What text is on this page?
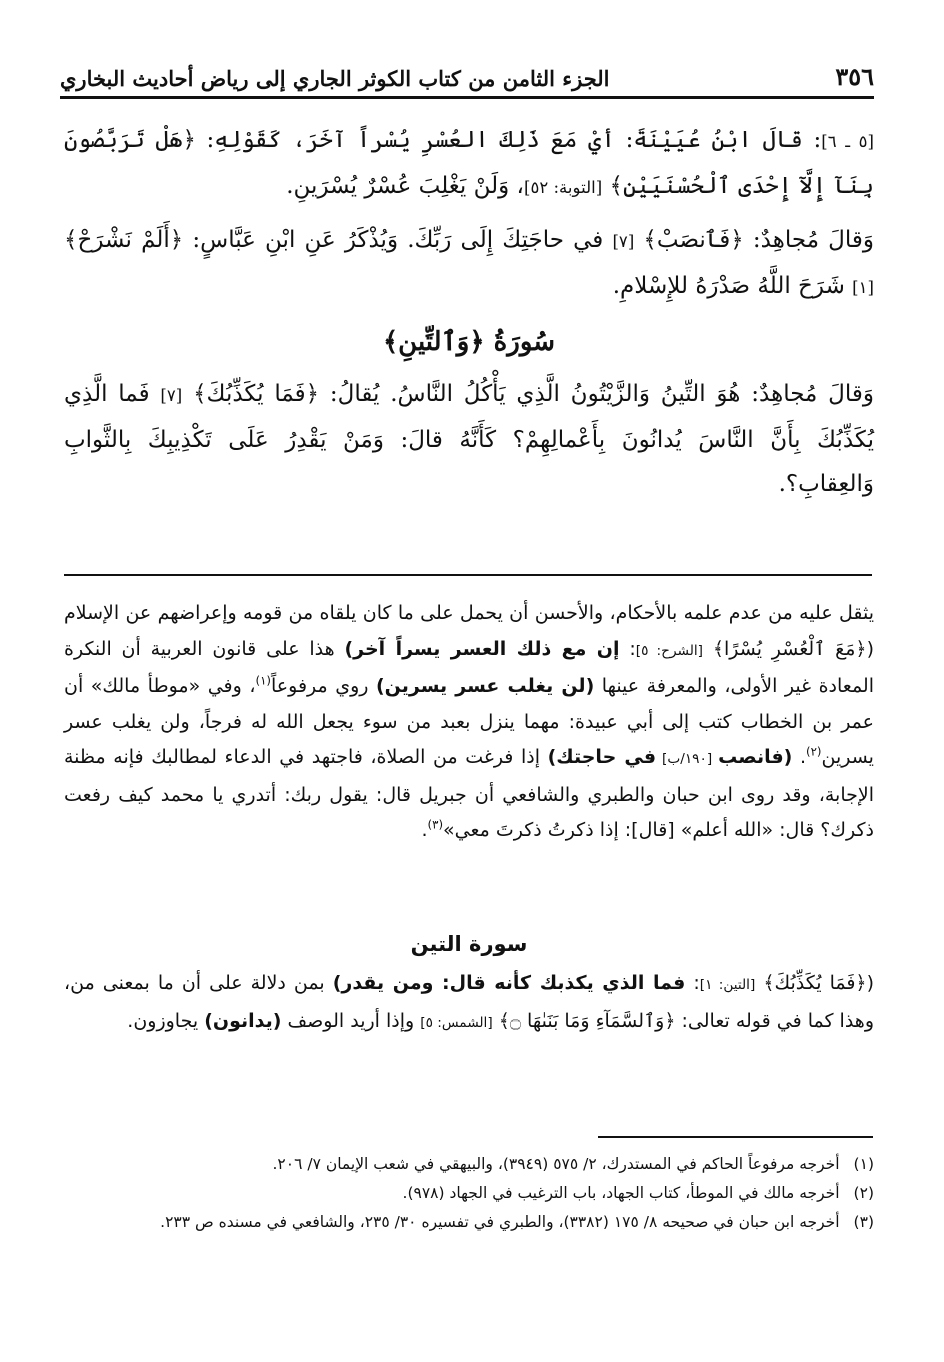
٣٥٦
الجزء الثامن من كتاب الكوثر الجاري إلى رياض أحاديث البخاري

[٥ ـ ٦]: قالَ ابْنُ عُيَيْنَةَ: أيْ مَعَ ذَلِكَ العُسْرِ يُسْراً آخَرَ، كَقَوْلِهِ: ﴿هَلْ تَرَبَّصُونَ بِنَآ إِلَّآ إِحْدَى ٱلْحُسْنَيَيْنِ﴾ [التوبة: ٥٢]، وَلَنْ يَغْلِبَ عُسْرٌ يُسْرَينِ.

وَقالَ مُجاهِدٌ: ﴿فَٱنصَبْ﴾ [٧] في حاجَتِكَ إِلَى رَبِّكَ. وَيُذْكَرُ عَنِ ابْنِ عَبَّاسٍ: ﴿أَلَمْ نَشْرَحْ﴾ [١] شَرَحَ اللَّهُ صَدْرَهُ للإِسْلامِ.

سُورَةُ ﴿وَٱلتِّينِ﴾

وَقالَ مُجاهِدٌ: هُوَ التِّينُ وَالزَّيْتُونُ الَّذِي يَأْكُلُ النَّاسُ. يُقالُ: ﴿فَمَا يُكَذِّبُكَ﴾ [٧] فَما الَّذِي يُكَذِّبُكَ بِأَنَّ النَّاسَ يُدانُونَ بِأَعْمالِهِمْ؟ كَأَنَّهُ قالَ: وَمَنْ يَقْدِرُ عَلَى تَكْذِيبِكَ بِالثَّوابِ وَالعِقابِ؟.

يثقل عليه من عدم علمه بالأحكام، والأحسن أن يحمل على ما كان يلقاه من قومه وإعراضهم عن الإسلام (﴿مَعَ ٱلْعُسْرِ يُسْرًا﴾ [الشرح: ٥]: إن مع ذلك العسر يسراً آخر) هذا على قانون العربية أن النكرة المعادة غير الأولى، والمعرفة عينها (لن يغلب عسر يسرين) روي مرفوعاً$^{(١)}$، وفي «موطأ مالك» أن عمر بن الخطاب كتب إلى أبي عبيدة: مهما ينزل بعبد من سوء يجعل الله له فرجاً، ولن يغلب عسر يسرين$^{(٢)}$. (فانصب [١٩٠/ب] في حاجتك) إذا فرغت من الصلاة، فاجتهد في الدعاء لمطالبك فإنه مظنة الإجابة، وقد روى ابن حبان والطبري والشافعي أن جبريل قال: يقول ربك: أتدري يا محمد كيف رفعت ذكرك؟ قال: «الله أعلم» [قال]: إذا ذكرتُ ذكرتَ معي»$^{(٣)}$.

سورة التين

(﴿فَمَا يُكَذِّبُكَ﴾ [التين: ١]: فما الذي يكذبك كأنه قال: ومن يقدر) بمن دلالة على أن ما بمعنى من، وهذا كما في قوله تعالى: ﴿وَٱلسَّمَآءِ وَمَا بَنَىٰهَا ۝﴾ [الشمس: ٥] وإذا أريد الوصف (يدانون) يجاوزون.

(١)
أخرجه مرفوعاً الحاكم في المستدرك، ٢/ ٥٧٥ (٣٩٤٩)، والبيهقي في شعب الإيمان ٧/ ٢٠٦.
(٢)
أخرجه مالك في الموطأ، كتاب الجهاد، باب الترغيب في الجهاد (٩٧٨).
(٣)
أخرجه ابن حبان في صحيحه ٨/ ١٧٥ (٣٣٨٢)، والطبري في تفسيره ٣٠/ ٢٣٥، والشافعي في مسنده ص ٢٣٣.
